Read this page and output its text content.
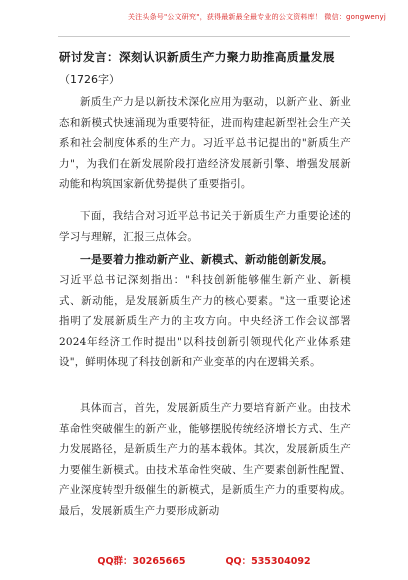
关注头条号"公文研究"，获得最新最全最专业的公文资料库！ 微信：gongwenyj
研讨发言：深刻认识新质生产力聚力助推高质量发展
（1726字）
新质生产力是以新技术深化应用为驱动，以新产业、新业态和新模式快速涌现为重要特征，进而构建起新型社会生产关系和社会制度体系的生产力。习近平总书记提出的"新质生产力"，为我们在新发展阶段打造经济发展新引擎、增强发展新动能和构筑国家新优势提供了重要指引。
下面，我结合对习近平总书记关于新质生产力重要论述的学习与理解，汇报三点体会。
一是要着力推动新产业、新模式、新动能创新发展。
习近平总书记深刻指出："科技创新能够催生新产业、新模式、新动能，是发展新质生产力的核心要素。"这一重要论述指明了发展新质生产力的主攻方向。中央经济工作会议部署2024年经济工作时提出"以科技创新引领现代化产业体系建设"，鲜明体现了科技创新和产业变革的内在逻辑关系。
具体而言，首先，发展新质生产力要培育新产业。由技术革命性突破催生的新产业，能够摆脱传统经济增长方式、生产力发展路径，是新质生产力的基本载体。其次，发展新质生产力要催生新模式。由技术革命性突破、生产要素创新性配置、产业深度转型升级催生的新模式，是新质生产力的重要构成。最后，发展新质生产力要形成新动
QQ群：30265665	QQ：535304092
